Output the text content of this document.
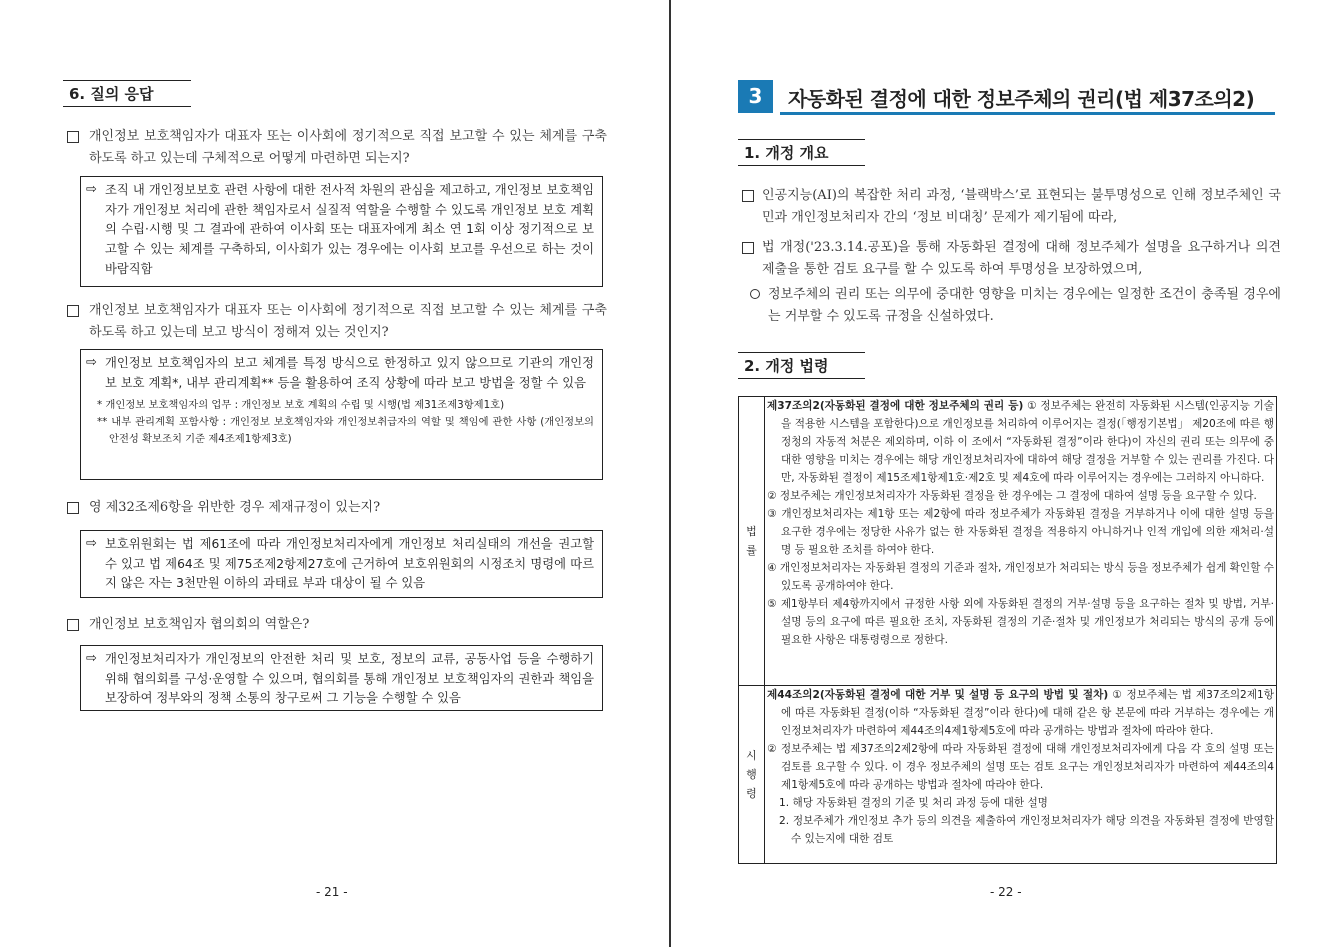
6. 질의 응답
개인정보 보호책임자가 대표자 또는 이사회에 정기적으로 직접 보고할 수 있는 체계를 구축하도록 하고 있는데 구체적으로 어떻게 마련하면 되는지?
⇨ 조직 내 개인정보보호 관련 사항에 대한 전사적 차원의 관심을 제고하고, 개인정보 보호책임자가 개인정보 처리에 관한 책임자로서 실질적 역할을 수행할 수 있도록 개인정보 보호 계획의 수립·시행 및 그 결과에 관하여 이사회 또는 대표자에게 최소 연 1회 이상 정기적으로 보고할 수 있는 체계를 구축하되, 이사회가 있는 경우에는 이사회 보고를 우선으로 하는 것이 바람직함
개인정보 보호책임자가 대표자 또는 이사회에 정기적으로 직접 보고할 수 있는 체계를 구축하도록 하고 있는데 보고 방식이 정해져 있는 것인지?
⇨ 개인정보 보호책임자의 보고 체계를 특정 방식으로 한정하고 있지 않으므로 기관의 개인정보 보호 계획*, 내부 관리계획** 등을 활용하여 조직 상황에 따라 보고 방법을 정할 수 있음
* 개인정보 보호책임자의 업무 : 개인정보 보호 계획의 수립 및 시행(법 제31조제3항제1호)
** 내부 관리계획 포함사항 : 개인정보 보호책임자와 개인정보취급자의 역할 및 책임에 관한 사항 (개인정보의 안전성 확보조치 기준 제4조제1항제3호)
영 제32조제6항을 위반한 경우 제재규정이 있는지?
⇨ 보호위원회는 법 제61조에 따라 개인정보처리자에게 개인정보 처리실태의 개선을 권고할 수 있고 법 제64조 및 제75조제2항제27호에 근거하여 보호위원회의 시정조치 명령에 따르지 않은 자는 3천만원 이하의 과태료 부과 대상이 될 수 있음
개인정보 보호책임자 협의회의 역할은?
⇨ 개인정보처리자가 개인정보의 안전한 처리 및 보호, 정보의 교류, 공동사업 등을 수행하기 위해 협의회를 구성·운영할 수 있으며, 협의회를 통해 개인정보 보호책임자의 권한과 책임을 보장하여 정부와의 정책 소통의 창구로써 그 기능을 수행할 수 있음
- 21 -
3	자동화된 결정에 대한 정보주체의 권리(법 제37조의2)
1. 개정 개요
인공지능(AI)의 복잡한 처리 과정, ‘블랙박스’로 표현되는 불투명성으로 인해 정보주체인 국민과 개인정보처리자 간의 ‘정보 비대칭’ 문제가 제기됨에 따라,
법 개정('23.3.14.공포)을 통해 자동화된 결정에 대해 정보주체가 설명을 요구하거나 의견 제출을 통한 검토 요구를 할 수 있도록 하여 투명성을 보장하였으며,
정보주체의 권리 또는 의무에 중대한 영향을 미치는 경우에는 일정한 조건이 충족될 경우에는 거부할 수 있도록 규정을 신설하였다.
2. 개정 법령
법률	제37조의2(자동화된 결정에 대한 정보주체의 권리 등) ① 정보주체는 완전히 자동화된 시스템(인공지능 기술을 적용한 시스템을 포함한다)으로 개인정보를 처리하여 이루어지는 결정(「행정기본법」 제20조에 따른 행정청의 자동적 처분은 제외하며, 이하 이 조에서 “자동화된 결정”이라 한다)이 자신의 권리 또는 의무에 중대한 영향을 미치는 경우에는 해당 개인정보처리자에 대하여 해당 결정을 거부할 수 있는 권리를 가진다. 다만, 자동화된 결정이 제15조제1항제1호·제2호 및 제4호에 따라 이루어지는 경우에는 그러하지 아니하다.
② 정보주체는 개인정보처리자가 자동화된 결정을 한 경우에는 그 결정에 대하여 설명 등을 요구할 수 있다.
③ 개인정보처리자는 제1항 또는 제2항에 따라 정보주체가 자동화된 결정을 거부하거나 이에 대한 설명 등을 요구한 경우에는 정당한 사유가 없는 한 자동화된 결정을 적용하지 아니하거나 인적 개입에 의한 재처리·설명 등 필요한 조치를 하여야 한다.
④ 개인정보처리자는 자동화된 결정의 기준과 절차, 개인정보가 처리되는 방식 등을 정보주체가 쉽게 확인할 수 있도록 공개하여야 한다.
⑤ 제1항부터 제4항까지에서 규정한 사항 외에 자동화된 결정의 거부·설명 등을 요구하는 절차 및 방법, 거부·설명 등의 요구에 따른 필요한 조치, 자동화된 결정의 기준·절차 및 개인정보가 처리되는 방식의 공개 등에 필요한 사항은 대통령령으로 정한다.

시행령	제44조의2(자동화된 결정에 대한 거부 및 설명 등 요구의 방법 및 절차) ① 정보주체는 법 제37조의2제1항에 따른 자동화된 결정(이하 “자동화된 결정”이라 한다)에 대해 같은 항 본문에 따라 거부하는 경우에는 개인정보처리자가 마련하여 제44조의4제1항제5호에 따라 공개하는 방법과 절차에 따라야 한다.
② 정보주체는 법 제37조의2제2항에 따라 자동화된 결정에 대해 개인정보처리자에게 다음 각 호의 설명 또는 검토를 요구할 수 있다. 이 경우 정보주체의 설명 또는 검토 요구는 개인정보처리자가 마련하여 제44조의4제1항제5호에 따라 공개하는 방법과 절차에 따라야 한다.
1. 해당 자동화된 결정의 기준 및 처리 과정 등에 대한 설명
2. 정보주체가 개인정보 추가 등의 의견을 제출하여 개인정보처리자가 해당 의견을 자동화된 결정에 반영할 수 있는지에 대한 검토
- 22 -
